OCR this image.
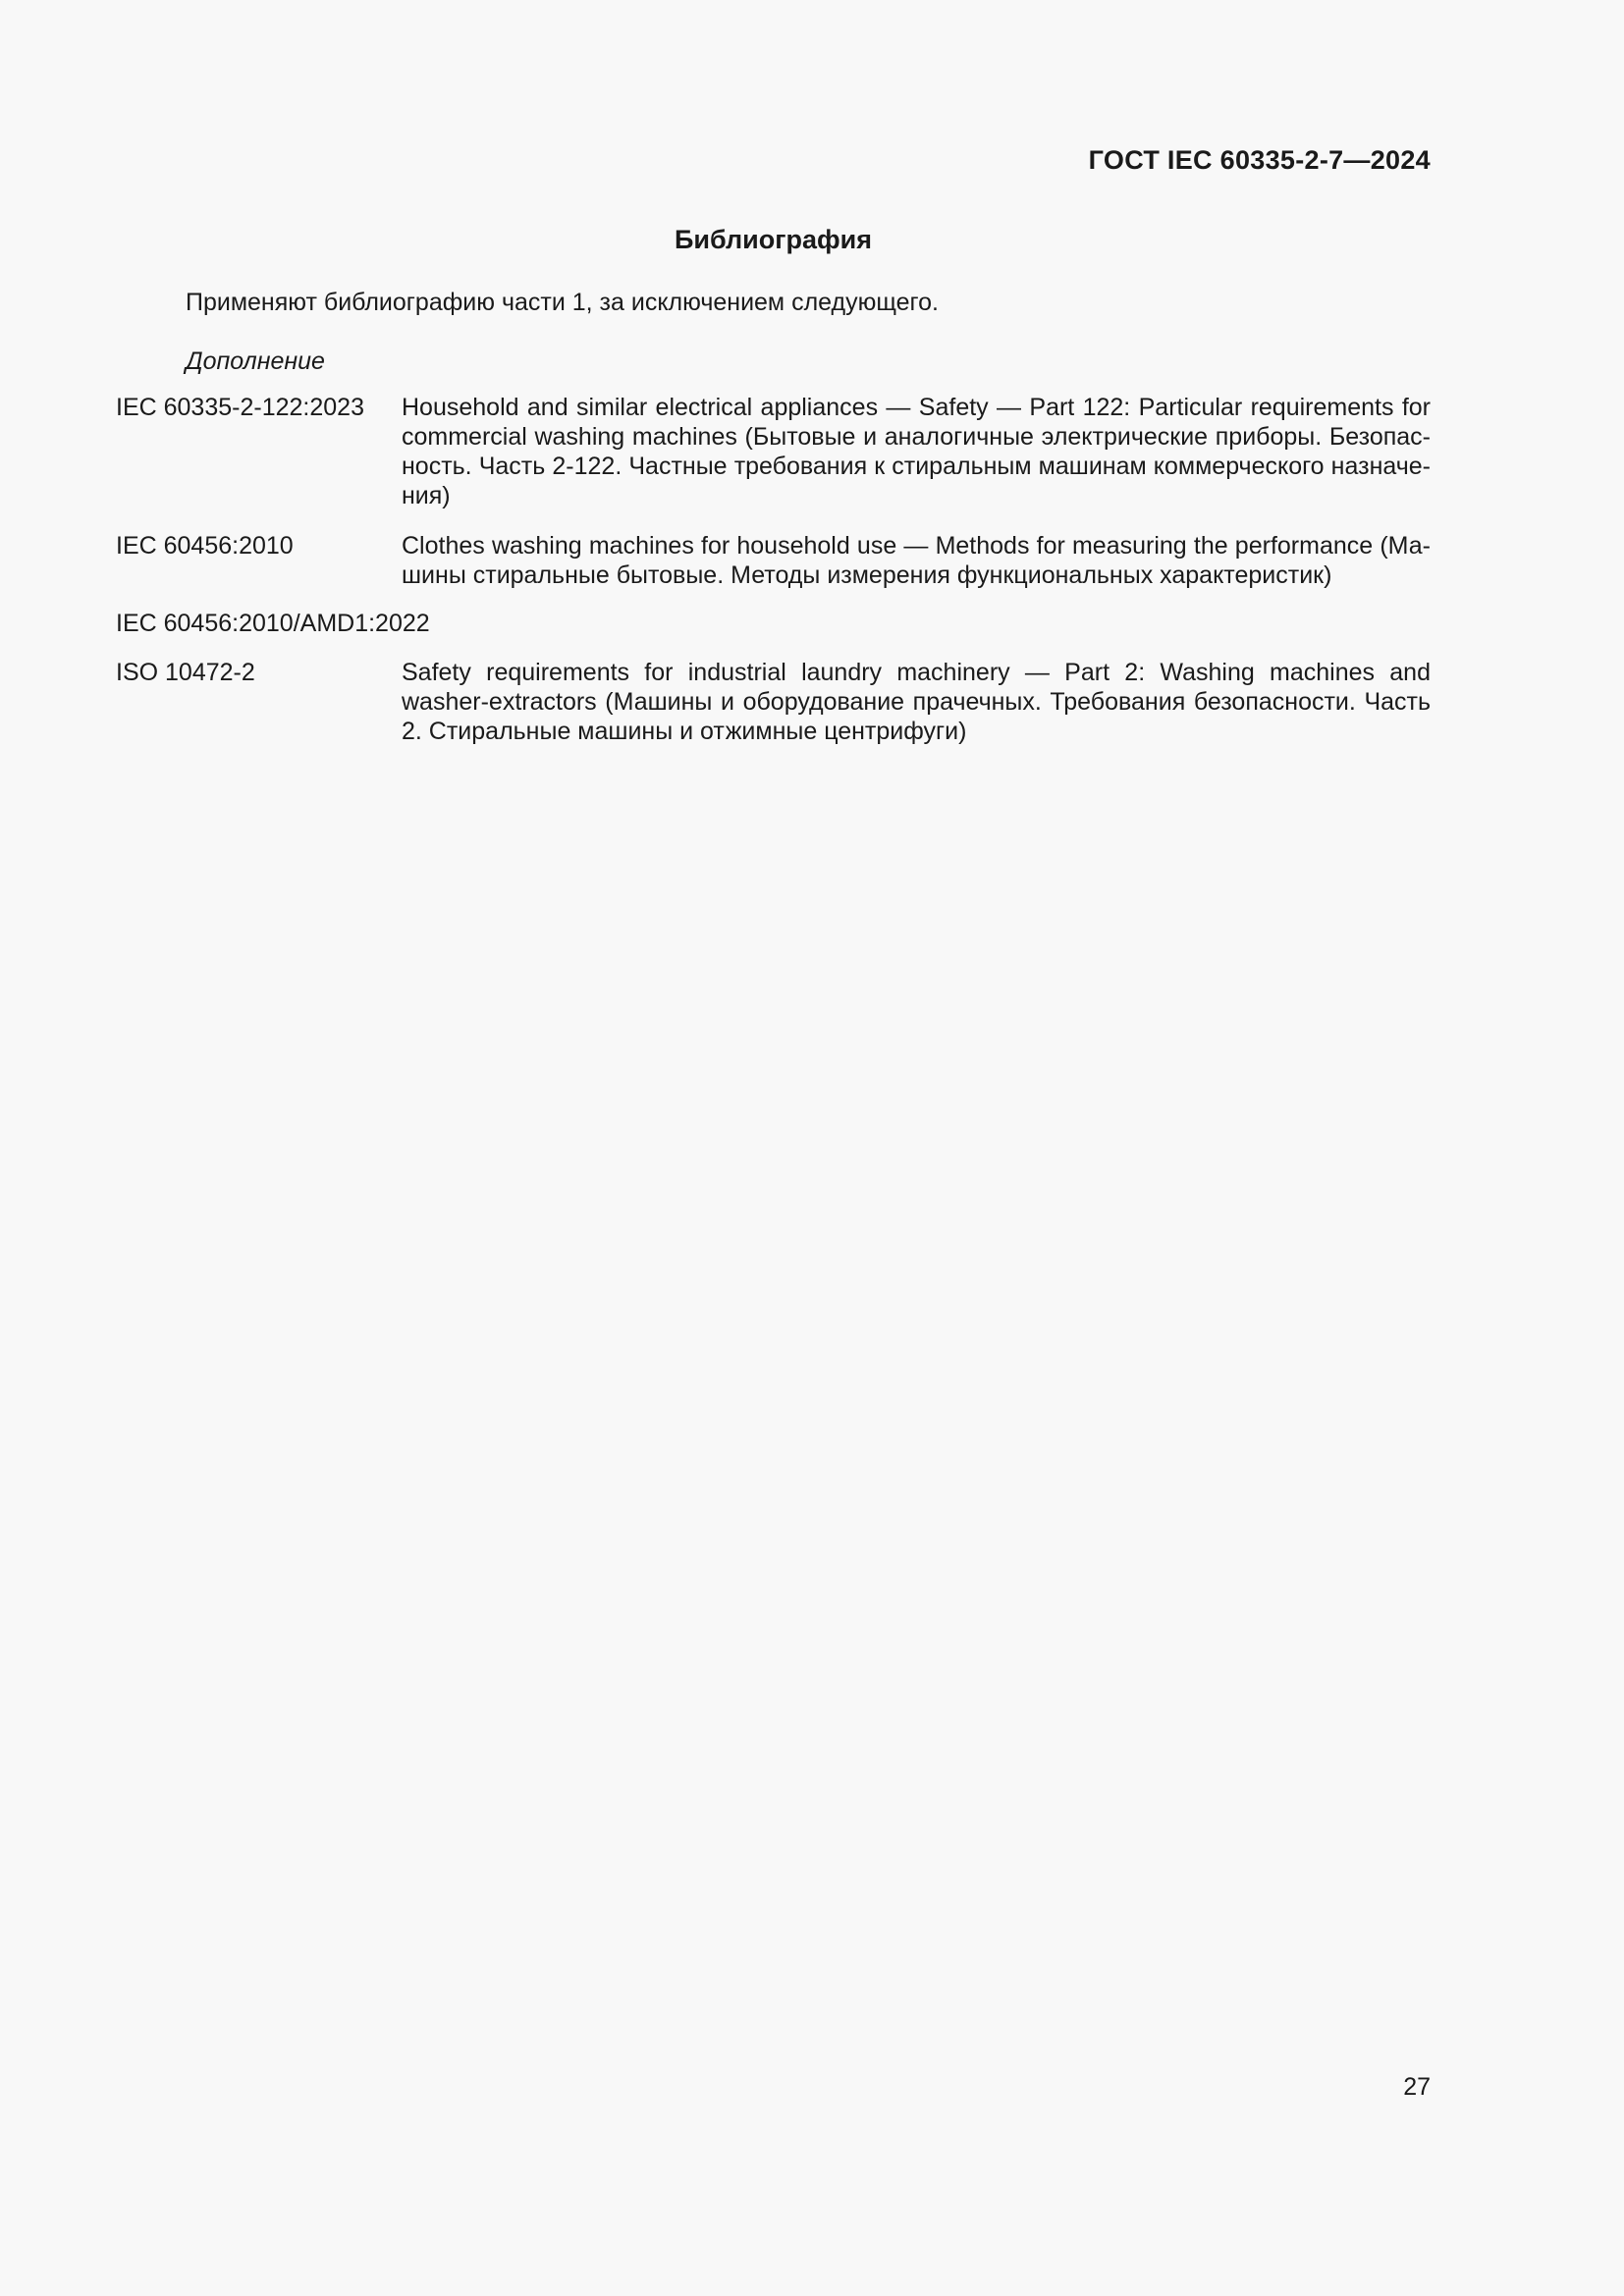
ГОСТ IEC 60335-2-7—2024
Библиография
Применяют библиографию части 1, за исключением следующего.
Дополнение
IEC 60335-2-122:2023 Household and similar electrical appliances — Safety — Part 122: Particular requirements for commercial washing machines (Бытовые и аналогичные электрические приборы. Безопасность. Часть 2-122. Частные требования к стиральным машинам коммерческого назначения)
IEC 60456:2010	Clothes washing machines for household use — Methods for measuring the performance (Машины стиральные бытовые. Методы измерения функциональных характеристик)
IEC 60456:2010/AMD1:2022
ISO 10472-2	Safety requirements for industrial laundry machinery — Part 2: Washing machines and washer-extractors (Машины и оборудование прачечных. Требования безопасности. Часть 2. Стиральные машины и отжимные центрифуги)
27
